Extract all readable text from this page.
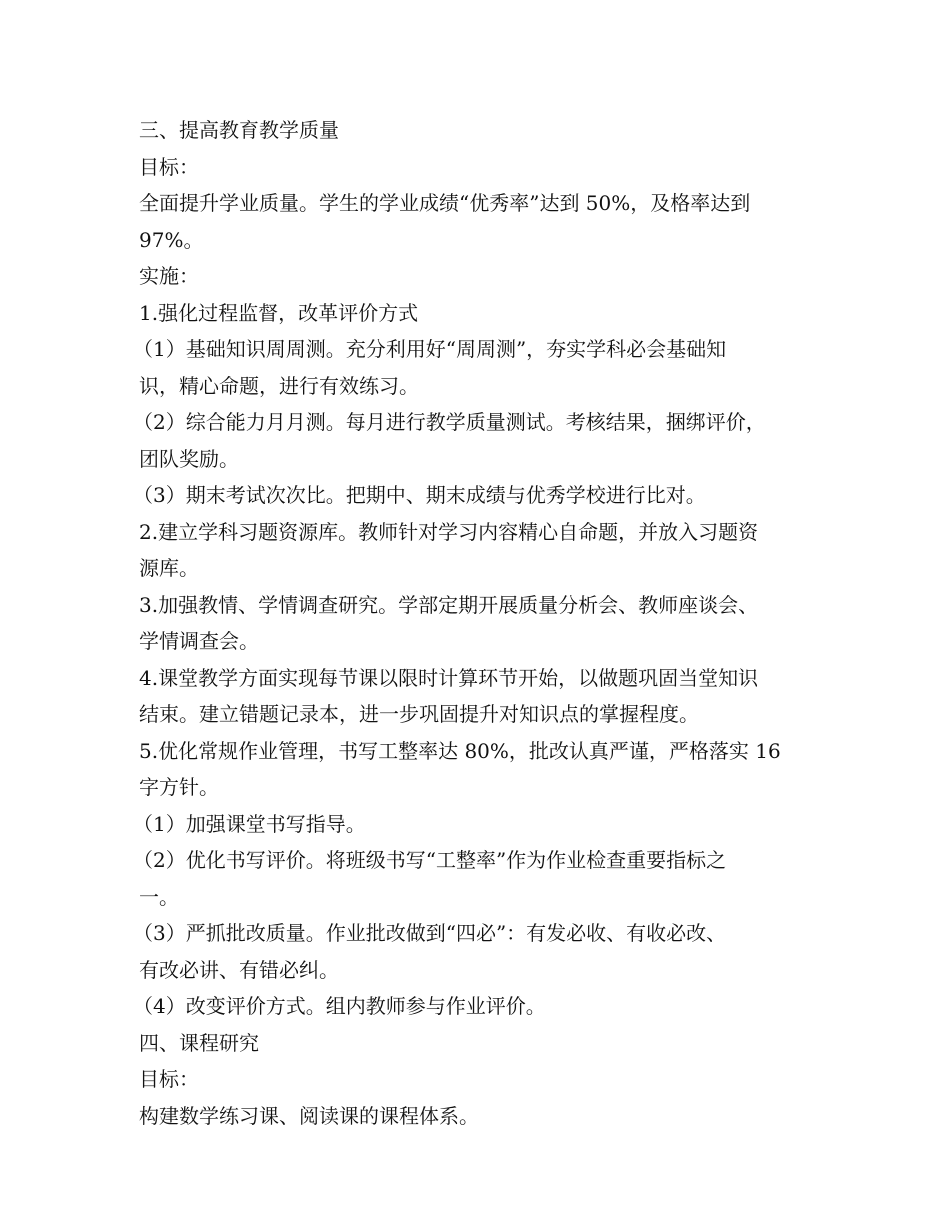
三、提高教育教学质量
目标：
全面提升学业质量。学生的学业成绩“优秀率”达到 50%，及格率达到
97%。
实施：
1.强化过程监督，改革评价方式
（1）基础知识周周测。充分利用好“周周测”，夯实学科必会基础知
识，精心命题，进行有效练习。
（2）综合能力月月测。每月进行教学质量测试。考核结果，捆绑评价，
团队奖励。
（3）期末考试次次比。把期中、期末成绩与优秀学校进行比对。
2.建立学科习题资源库。教师针对学习内容精心自命题，并放入习题资
源库。
3.加强教情、学情调查研究。学部定期开展质量分析会、教师座谈会、
学情调查会。
4.课堂教学方面实现每节课以限时计算环节开始，以做题巩固当堂知识
结束。建立错题记录本，进一步巩固提升对知识点的掌握程度。
5.优化常规作业管理，书写工整率达 80%，批改认真严谨，严格落实 16
字方针。
（1）加强课堂书写指导。
（2）优化书写评价。将班级书写“工整率”作为作业检查重要指标之
一。
（3）严抓批改质量。作业批改做到“四必”：有发必收、有收必改、
有改必讲、有错必纠。
（4）改变评价方式。组内教师参与作业评价。
四、课程研究
目标：
构建数学练习课、阅读课的课程体系。
